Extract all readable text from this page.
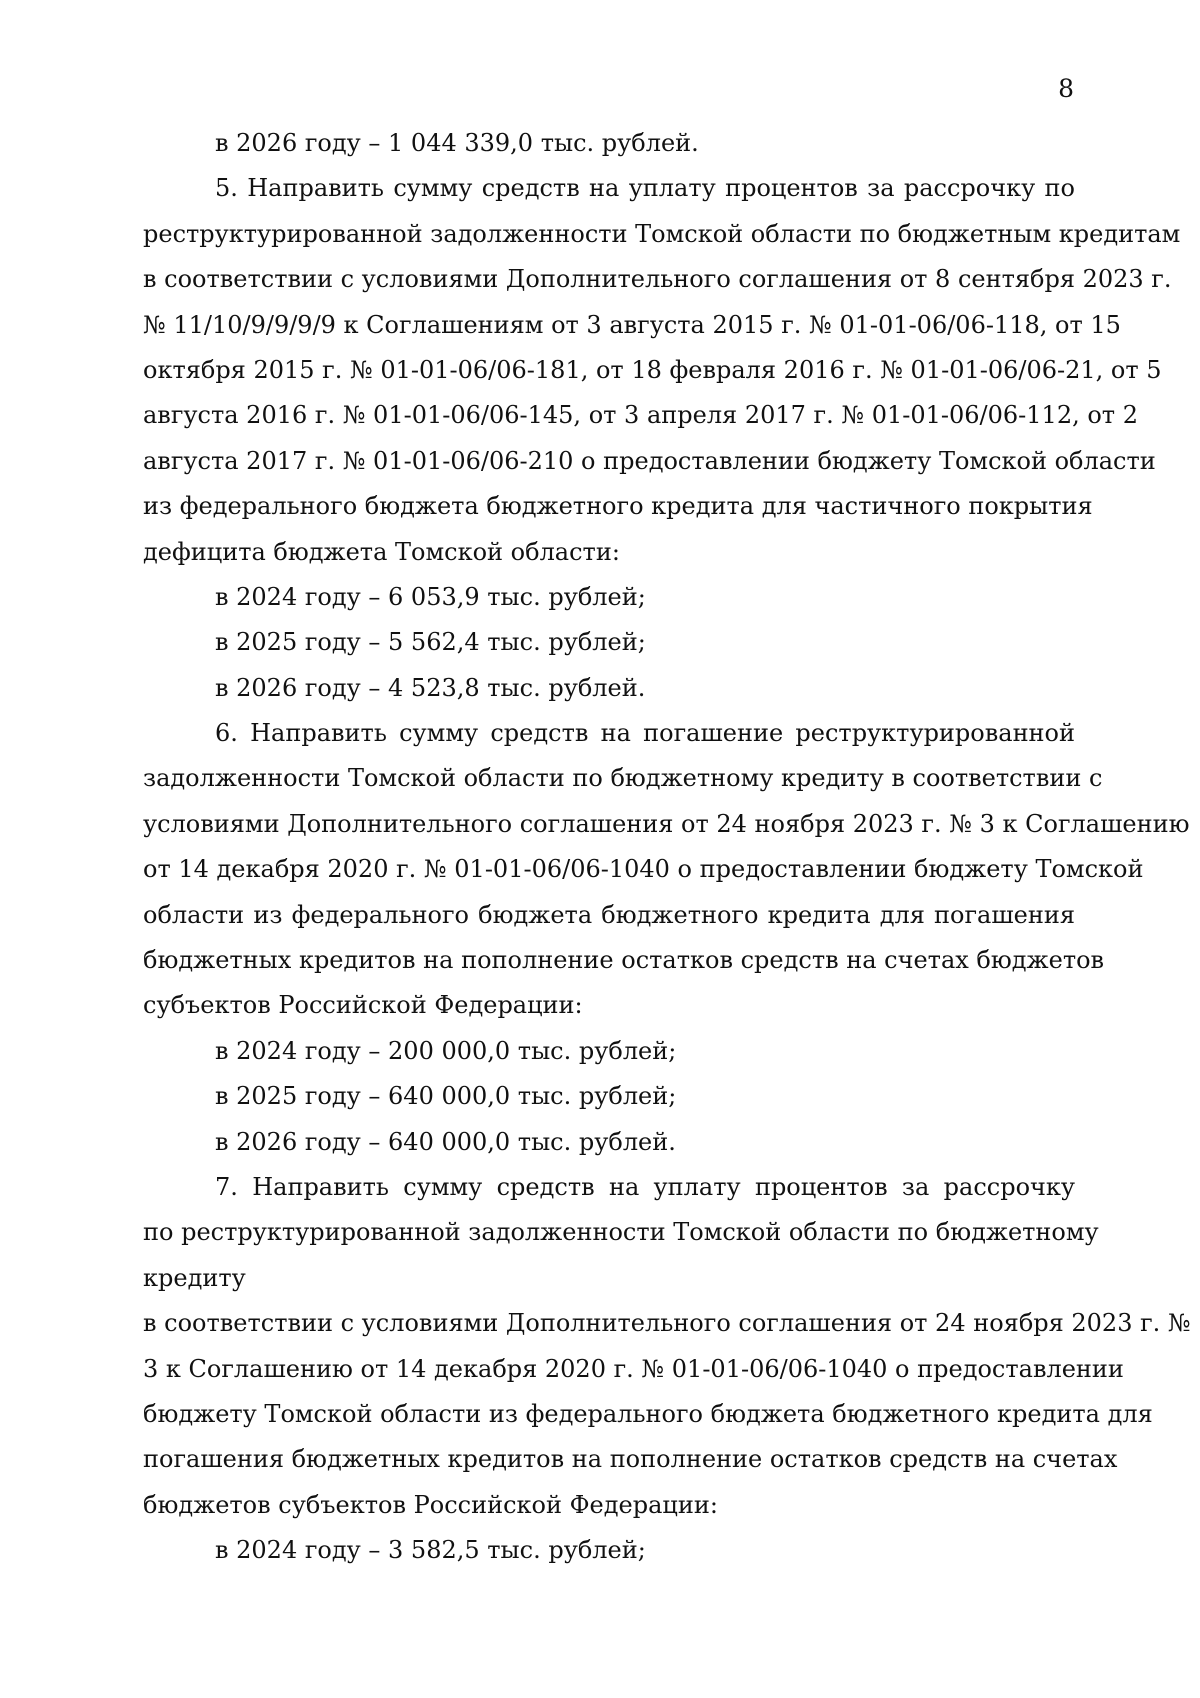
8
в 2026 году – 1 044 339,0 тыс. рублей.
5. Направить сумму средств на уплату процентов за рассрочку по
реструктурированной задолженности Томской области по бюджетным кредитам
в соответствии с условиями Дополнительного соглашения от 8 сентября 2023 г.
№ 11/10/9/9/9/9 к Соглашениям от 3 августа 2015 г. № 01-01-06/06-118, от 15
октября 2015 г. № 01-01-06/06-181, от 18 февраля 2016 г. № 01-01-06/06-21, от 5
августа 2016 г. № 01-01-06/06-145, от 3 апреля 2017 г. № 01-01-06/06-112, от 2
августа 2017 г. № 01-01-06/06-210 о предоставлении бюджету Томской области
из федерального бюджета бюджетного кредита для частичного покрытия
дефицита бюджета Томской области:
в 2024 году – 6 053,9 тыс. рублей;
в 2025 году – 5 562,4 тыс. рублей;
в 2026 году – 4 523,8 тыс. рублей.
6. Направить сумму средств на погашение реструктурированной
задолженности Томской области по бюджетному кредиту в соответствии с
условиями Дополнительного соглашения от 24 ноября 2023 г. № 3 к Соглашению
от 14 декабря 2020 г. № 01-01-06/06-1040 о предоставлении бюджету Томской
области из федерального бюджета бюджетного кредита для погашения
бюджетных кредитов на пополнение остатков средств на счетах бюджетов
субъектов Российской Федерации:
в 2024 году – 200 000,0 тыс. рублей;
в 2025 году – 640 000,0 тыс. рублей;
в 2026 году – 640 000,0 тыс. рублей.
7. Направить сумму средств на уплату процентов за рассрочку
по реструктурированной задолженности Томской области по бюджетному
кредиту
в соответствии с условиями Дополнительного соглашения от 24 ноября 2023 г. №
3 к Соглашению от 14 декабря 2020 г. № 01-01-06/06-1040 о предоставлении
бюджету Томской области из федерального бюджета бюджетного кредита для
погашения бюджетных кредитов на пополнение остатков средств на счетах
бюджетов субъектов Российской Федерации:
в 2024 году – 3 582,5 тыс. рублей;
